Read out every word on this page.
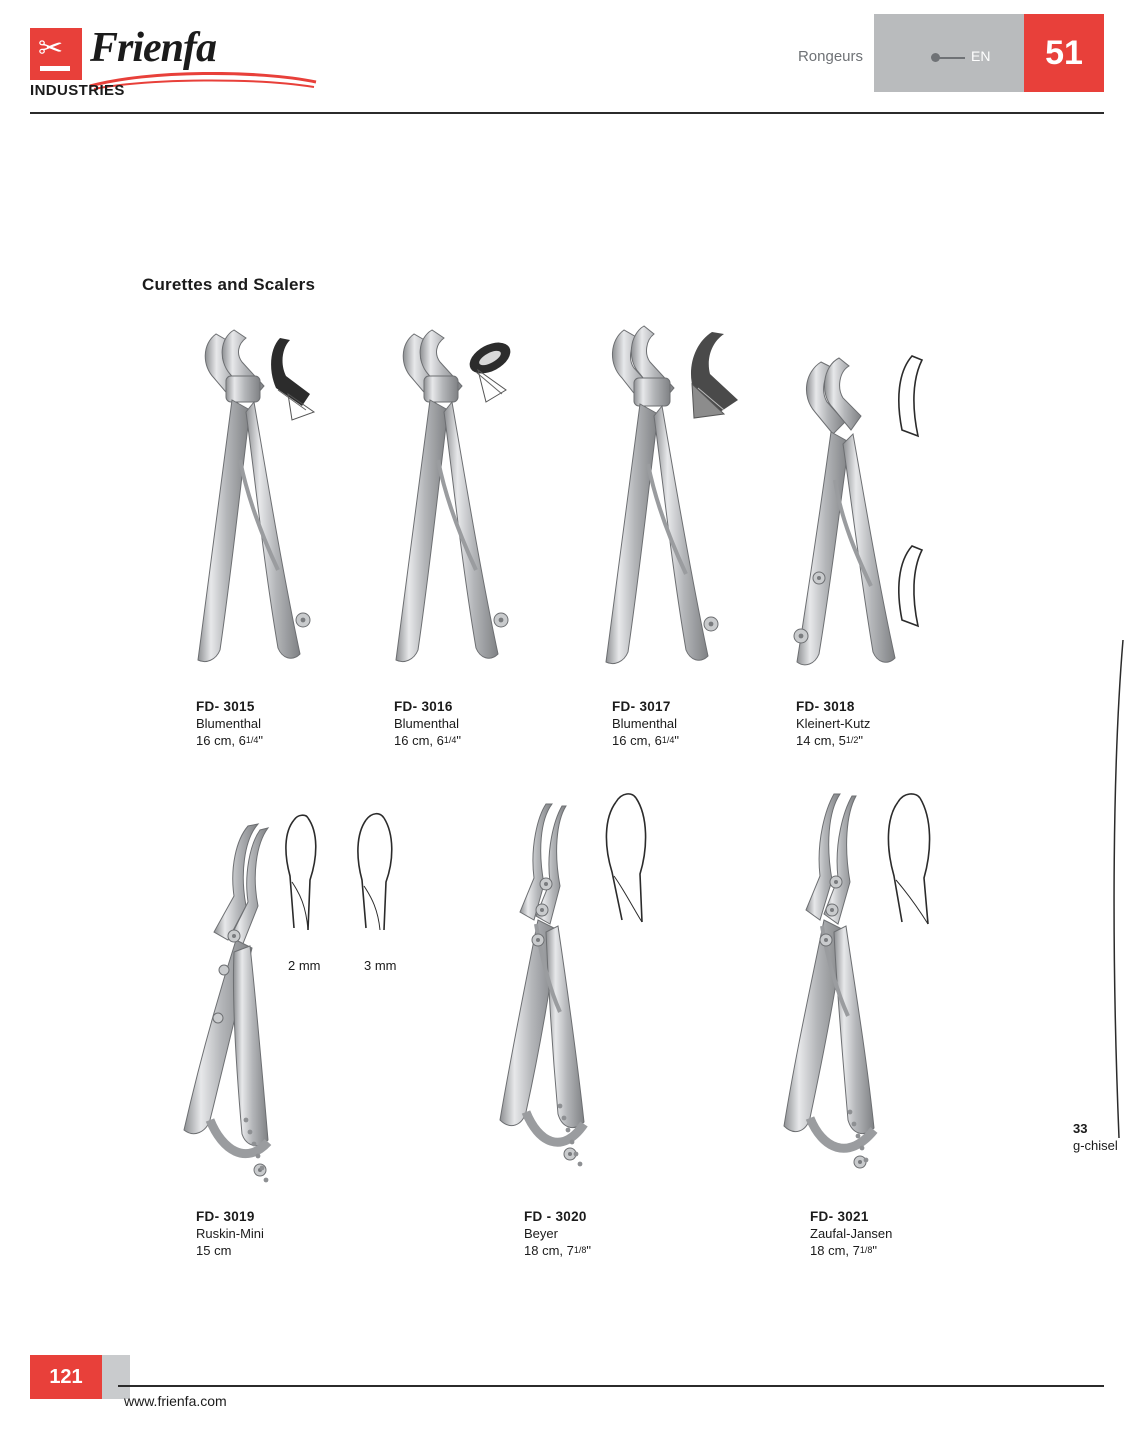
✂ Frienfa
INDUSTRIES
51
Rongeurs	EN
Curettes and Scalers
FD- 3015
Blumenthal
16 cm, $6^{1/4}$"
FD- 3016
Blumenthal
16 cm, $6^{1/4}$"
FD- 3017
Blumenthal
16 cm, $6^{1/4}$"
FD- 3018
Kleinert-Kutz
14 cm, $5^{1/2}$"
2 mm	3 mm
FD- 3019
Ruskin-Mini
15 cm
FD - 3020
Beyer
18 cm, $7^{1/8}$"
FD- 3021
Zaufal-Jansen
18 cm, $7^{1/8}$"
33
g-chisel
121
www.frienfa.com
